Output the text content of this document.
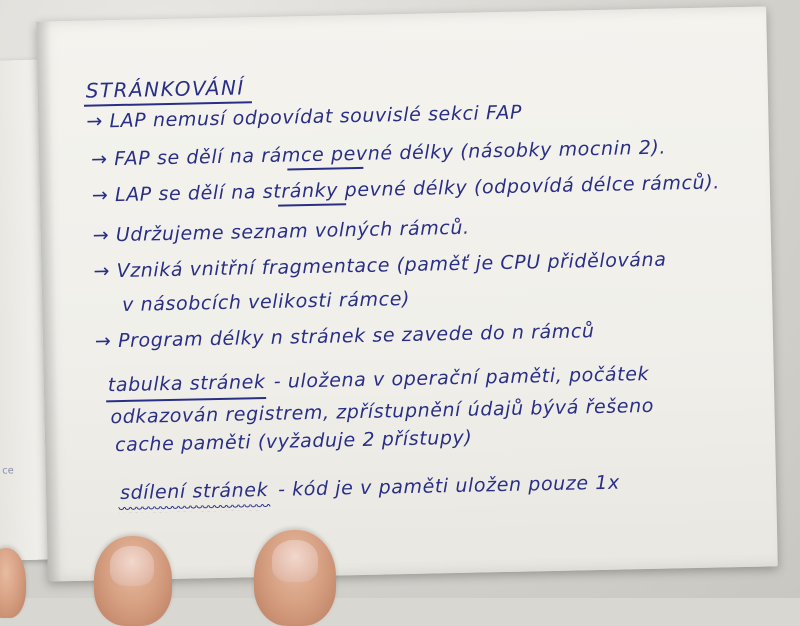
ce
STRÁNKOVÁNÍ
→ LAP nemusí odpovídat souvislé sekci FAP
→ FAP se dělí na rámce pevné délky (násobky mocnin 2).
→ LAP se dělí na stránky pevné délky (odpovídá délce rámců).
→ Udržujeme seznam volných rámců.
→ Vzniká vnitřní fragmentace (paměť je CPU přidělována
v násobcích velikosti rámce)
→ Program délky n stránek se zavede do n rámců
tabulka stránek - uložena v operační paměti, počátek
odkazován registrem, zpřístupnění údajů bývá řešeno
cache paměti (vyžaduje 2 přístupy)
sdílení stránek - kód je v paměti uložen pouze 1x
